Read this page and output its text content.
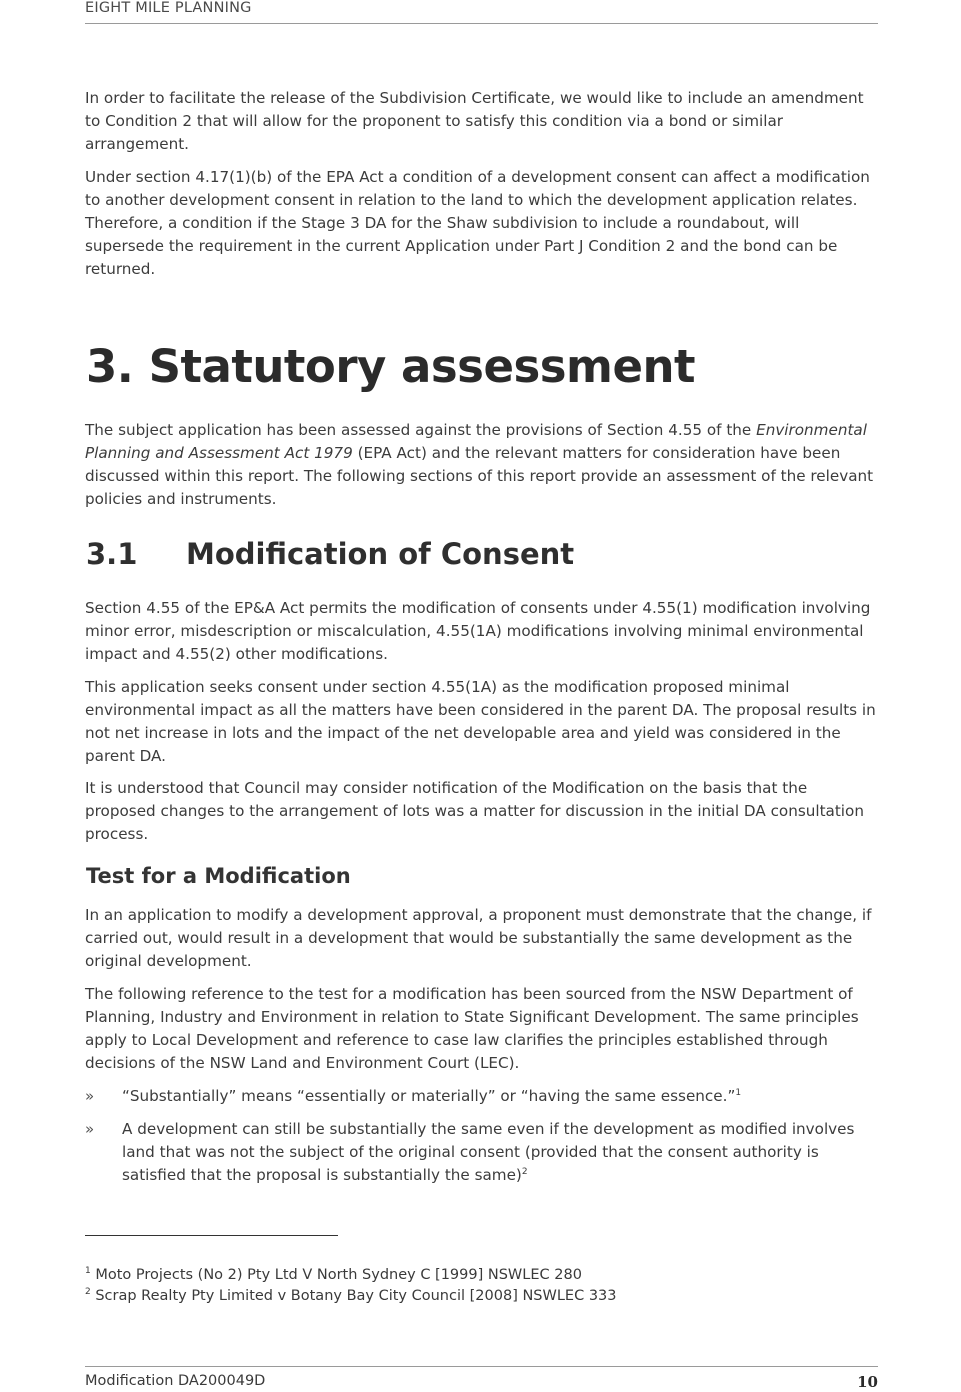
EIGHT MILE PLANNING

In order to facilitate the release of the Subdivision Certificate, we would like to include an amendment to Condition 2 that will allow for the proponent to satisfy this condition via a bond or similar arrangement.

Under section 4.17(1)(b) of the EPA Act a condition of a development consent can affect a modification to another development consent in relation to the land to which the development application relates. Therefore, a condition if the Stage 3 DA for the Shaw subdivision to include a roundabout, will supersede the requirement in the current Application under Part J Condition 2 and the bond can be returned.

3. Statutory assessment

The subject application has been assessed against the provisions of Section 4.55 of the Environmental Planning and Assessment Act 1979 (EPA Act) and the relevant matters for consideration have been discussed within this report. The following sections of this report provide an assessment of the relevant policies and instruments.

3.1 Modification of Consent

Section 4.55 of the EP&A Act permits the modification of consents under 4.55(1) modification involving minor error, misdescription or miscalculation, 4.55(1A) modifications involving minimal environmental impact and 4.55(2) other modifications.

This application seeks consent under section 4.55(1A) as the modification proposed minimal environmental impact as all the matters have been considered in the parent DA. The proposal results in not net increase in lots and the impact of the net developable area and yield was considered in the parent DA.

It is understood that Council may consider notification of the Modification on the basis that the proposed changes to the arrangement of lots was a matter for discussion in the initial DA consultation process.

Test for a Modification

In an application to modify a development approval, a proponent must demonstrate that the change, if carried out, would result in a development that would be substantially the same development as the original development.

The following reference to the test for a modification has been sourced from the NSW Department of Planning, Industry and Environment in relation to State Significant Development. The same principles apply to Local Development and reference to case law clarifies the principles established through decisions of the NSW Land and Environment Court (LEC).

» “Substantially” means “essentially or materially” or “having the same essence.”$^1$
» A development can still be substantially the same even if the development as modified involves land that was not the subject of the original consent (provided that the consent authority is satisfied that the proposal is substantially the same)$^2$
$^1$ Moto Projects (No 2) Pty Ltd V North Sydney C [1999] NSWLEC 280
$^2$ Scrap Realty Pty Limited v Botany Bay City Council [2008] NSWLEC 333
Modification DA200049D	10
